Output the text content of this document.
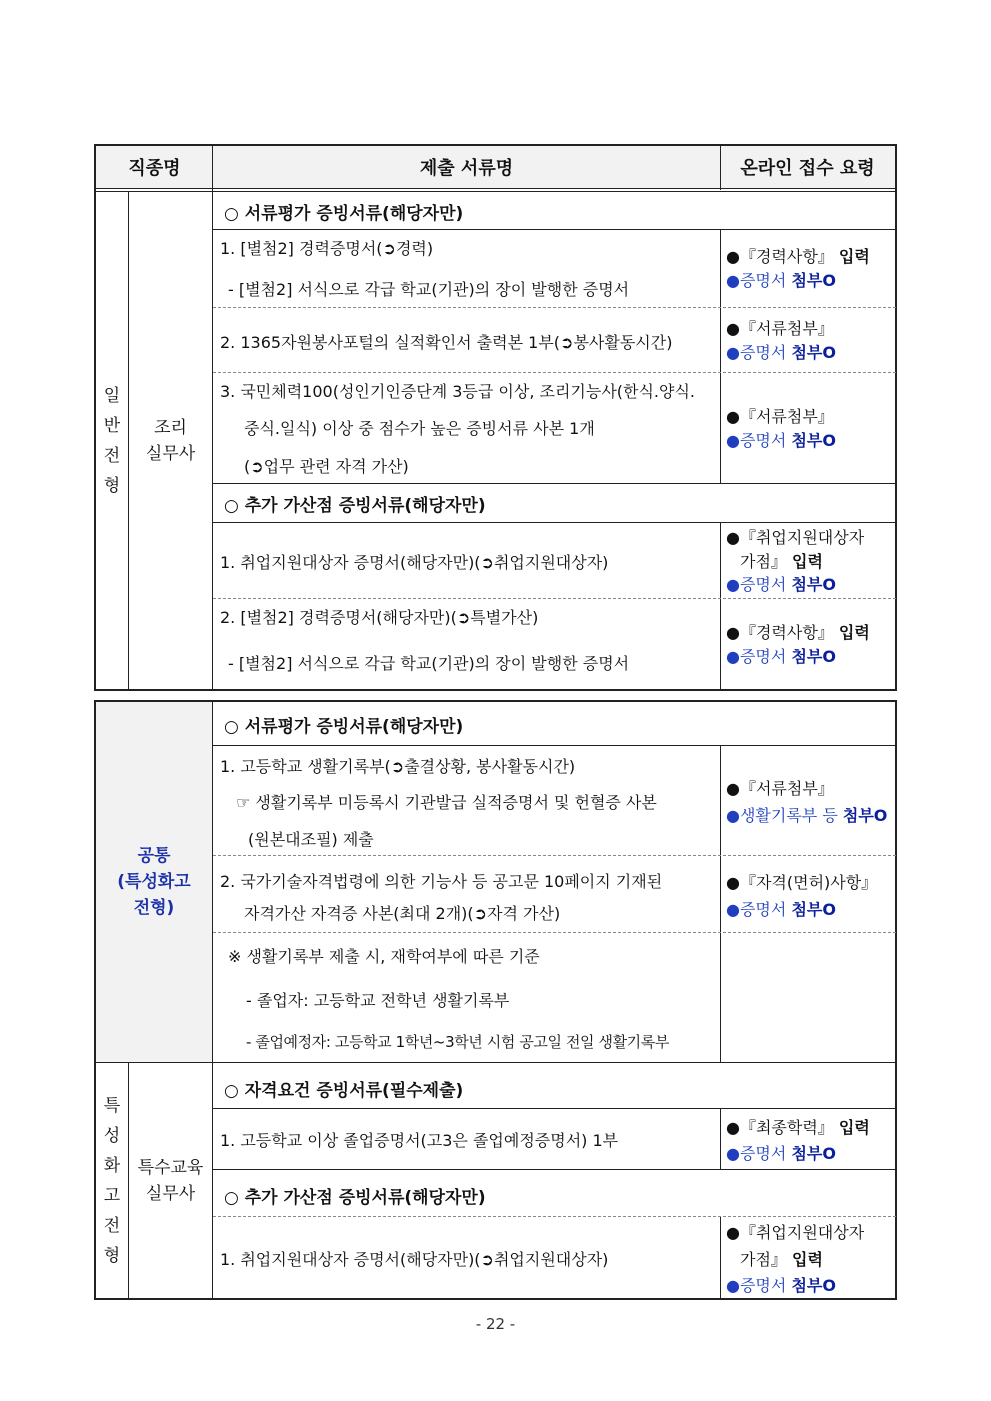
직종명	제출 서류명	온라인 접수 요령
일
반
전
형
조리
실무사
○ 서류평가 증빙서류(해당자만)
1. [별첨2] 경력증명서(➲경력)
- [별첨2] 서식으로 각급 학교(기관)의 장이 발행한 증명서
●『경력사항』 입력
●증명서 첨부O
2. 1365자원봉사포털의 실적확인서 출력본 1부(➲봉사활동시간)
●『서류첨부』
●증명서 첨부O
3. 국민체력100(성인기인증단계 3등급 이상, 조리기능사(한식.양식.
중식.일식) 이상 중 점수가 높은 증빙서류 사본 1개
(➲업무 관련 자격 가산)
●『서류첨부』
●증명서 첨부O
○ 추가 가산점 증빙서류(해당자만)
1. 취업지원대상자 증명서(해당자만)(➲취업지원대상자)
●『취업지원대상자
가점』 입력
●증명서 첨부O
2. [별첨2] 경력증명서(해당자만)(➲특별가산)
- [별첨2] 서식으로 각급 학교(기관)의 장이 발행한 증명서
●『경력사항』 입력
●증명서 첨부O
공통
(특성화고
전형)
○ 서류평가 증빙서류(해당자만)
1. 고등학교 생활기록부(➲출결상황, 봉사활동시간)
☞ 생활기록부 미등록시 기관발급 실적증명서 및 헌혈증 사본
(원본대조필) 제출
●『서류첨부』
●생활기록부 등 첨부O
2. 국가기술자격법령에 의한 기능사 등 공고문 10페이지 기재된
자격가산 자격증 사본(최대 2개)(➲자격 가산)
●『자격(면허)사항』
●증명서 첨부O
※ 생활기록부 제출 시, 재학여부에 따른 기준
- 졸업자: 고등학교 전학년 생활기록부
- 졸업예정자: 고등학교 1학년~3학년 시험 공고일 전일 생활기록부
특
성
화
고
전
형
특수교육
실무사
○ 자격요건 증빙서류(필수제출)
1. 고등학교 이상 졸업증명서(고3은 졸업예정증명서) 1부
●『최종학력』 입력
●증명서 첨부O
○ 추가 가산점 증빙서류(해당자만)
1. 취업지원대상자 증명서(해당자만)(➲취업지원대상자)
●『취업지원대상자
가점』 입력
●증명서 첨부O
- 22 -
